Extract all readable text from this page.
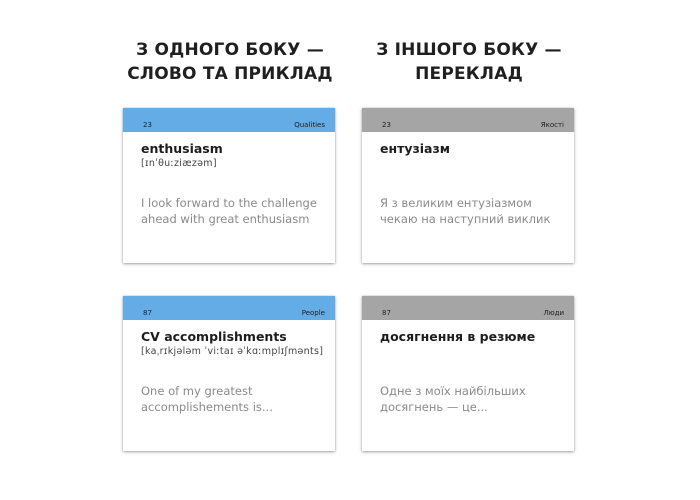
З ОДНОГО БОКУ —
СЛОВО ТА ПРИКЛАД
З ІНШОГО БОКУ —
ПЕРЕКЛАД
23	Qualities
enthusiasm
[ɪnˈθuːziæzəm]
I look forward to the challenge
ahead with great enthusiasm
23	Якості
ентузіазм
Я з великим ентузіазмом
чекаю на наступний виклик
87	People
CV accomplishments
[kaˌrɪkjələm ˈviːtaɪ əˈkɑːmplɪʃmənts]
One of my greatest
accomplishements is...
87	Люди
досягнення в резюме
Одне з моїх найбільших
досягнень — це...
